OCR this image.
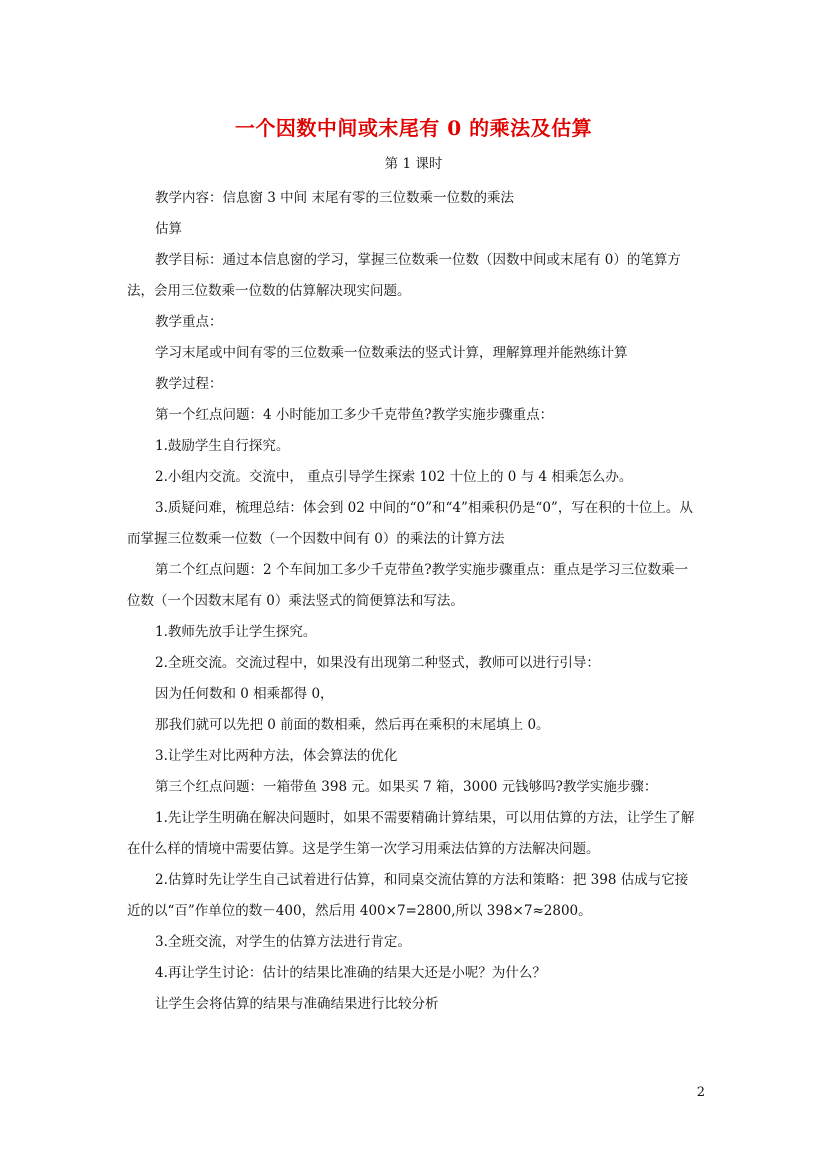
一个因数中间或末尾有 0 的乘法及估算
第 1 课时

教学内容：信息窗 3 中间 末尾有零的三位数乘一位数的乘法

估算

教学目标：通过本信息窗的学习，掌握三位数乘一位数（因数中间或末尾有 0）的笔算方法，会用三位数乘一位数的估算解决现实问题。

教学重点：

学习末尾或中间有零的三位数乘一位数乘法的竖式计算，理解算理并能熟练计算

教学过程：

第一个红点问题：4 小时能加工多少千克带鱼?教学实施步骤重点：

1.鼓励学生自行探究。

2.小组内交流。交流中， 重点引导学生探索 102 十位上的 0 与 4 相乘怎么办。

3.质疑问难，梳理总结：体会到 02 中间的“0”和“4”相乘积仍是“0”，写在积的十位上。从而掌握三位数乘一位数（一个因数中间有 0）的乘法的计算方法

第二个红点问题：2 个车间加工多少千克带鱼?教学实施步骤重点：重点是学习三位数乘一位数（一个因数末尾有 0）乘法竖式的简便算法和写法。

1.教师先放手让学生探究。

2.全班交流。交流过程中，如果没有出现第二种竖式，教师可以进行引导：

因为任何数和 0 相乘都得 0，

那我们就可以先把 0 前面的数相乘，然后再在乘积的末尾填上 0。

3.让学生对比两种方法，体会算法的优化

第三个红点问题：一箱带鱼 398 元。如果买 7 箱，3000 元钱够吗?教学实施步骤：

1.先让学生明确在解决问题时，如果不需要精确计算结果，可以用估算的方法，让学生了解在什么样的情境中需要估算。这是学生第一次学习用乘法估算的方法解决问题。

2.估算时先让学生自己试着进行估算，和同桌交流估算的方法和策略：把 398 估成与它接近的以“百”作单位的数－400，然后用 400×7=2800,所以 398×7≈2800。

3.全班交流，对学生的估算方法进行肯定。

4.再让学生讨论：估计的结果比准确的结果大还是小呢？为什么？

让学生会将估算的结果与准确结果进行比较分析

2
